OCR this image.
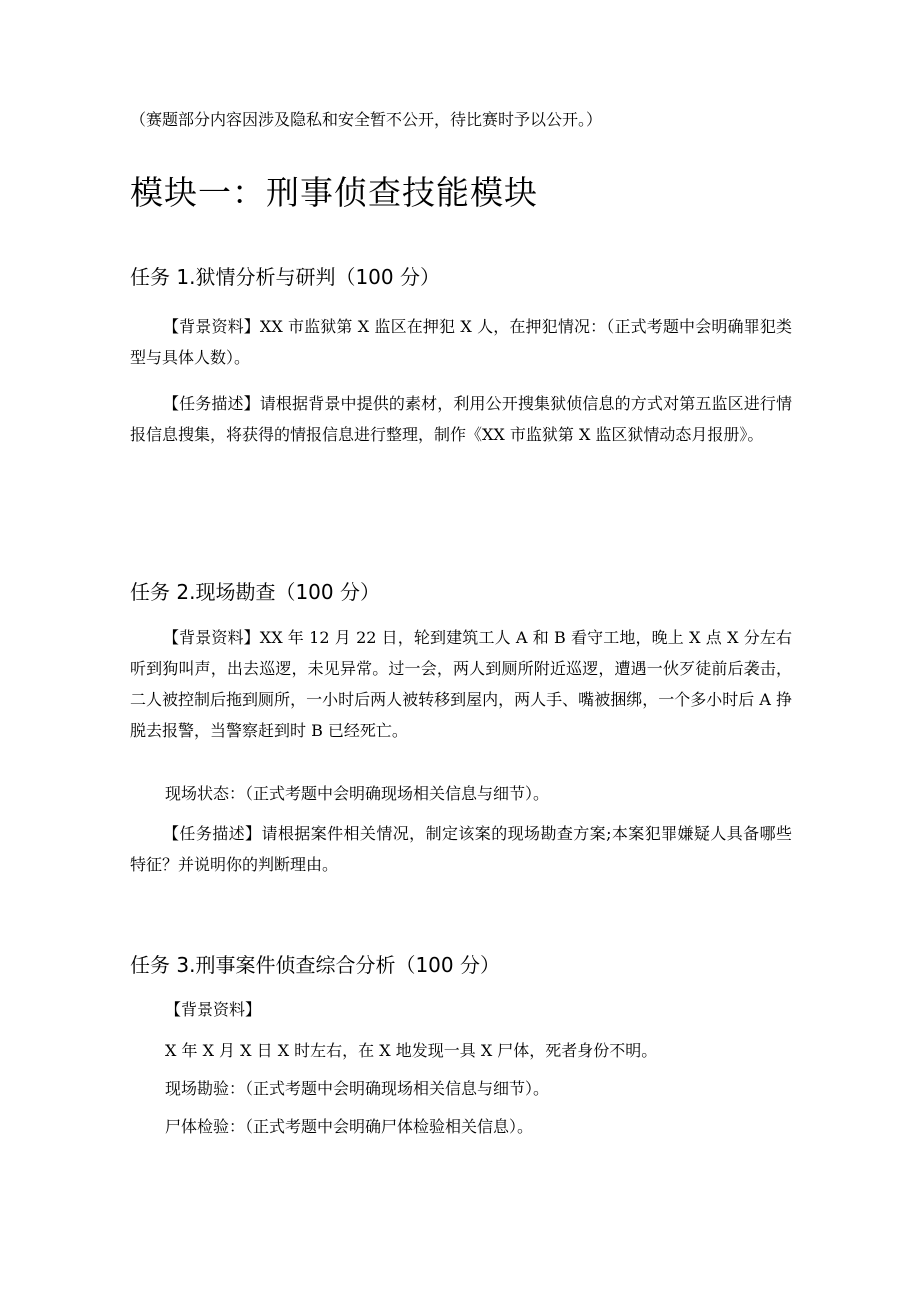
（赛题部分内容因涉及隐私和安全暂不公开，待比赛时予以公开。）
模块一：刑事侦查技能模块
任务 1.狱情分析与研判（100 分）

【背景资料】XX 市监狱第 X 监区在押犯 X 人，在押犯情况：（正式考题中会明确罪犯类型与具体人数）。

【任务描述】请根据背景中提供的素材，利用公开搜集狱侦信息的方式对第五监区进行情报信息搜集，将获得的情报信息进行整理，制作《XX 市监狱第 X 监区狱情动态月报册》。

任务 2.现场勘查（100 分）

【背景资料】XX 年 12 月 22 日，轮到建筑工人 A 和 B 看守工地，晚上 X 点 X 分左右听到狗叫声，出去巡逻，未见异常。过一会，两人到厕所附近巡逻，遭遇一伙歹徒前后袭击，二人被控制后拖到厕所，一小时后两人被转移到屋内，两人手、嘴被捆绑，一个多小时后 A 挣脱去报警，当警察赶到时 B 已经死亡。

现场状态：（正式考题中会明确现场相关信息与细节）。

【任务描述】请根据案件相关情况，制定该案的现场勘查方案;本案犯罪嫌疑人具备哪些特征？并说明你的判断理由。

任务 3.刑事案件侦查综合分析（100 分）
【背景资料】
X 年 X 月 X 日 X 时左右，在 X 地发现一具 X 尸体，死者身份不明。
现场勘验：（正式考题中会明确现场相关信息与细节）。
尸体检验：（正式考题中会明确尸体检验相关信息）。
